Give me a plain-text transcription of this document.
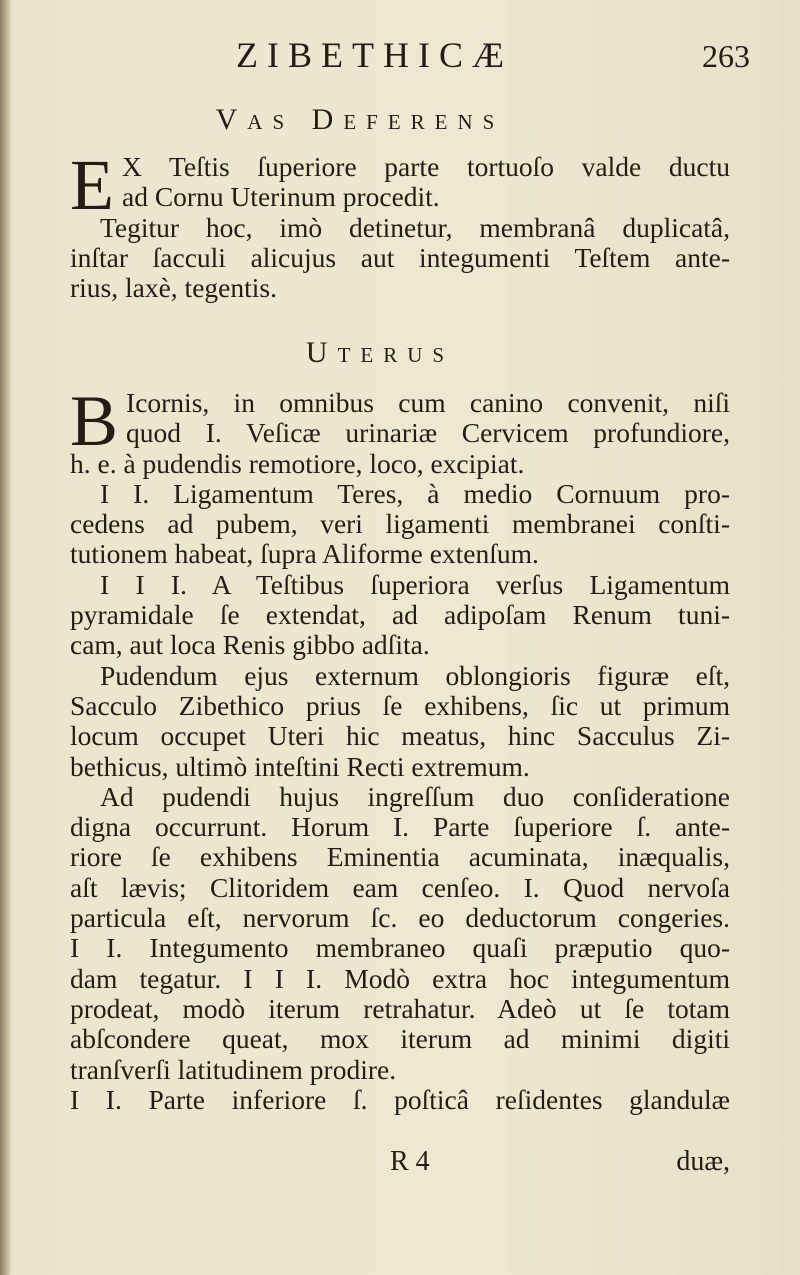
ZIBETHICÆ	263
Vas Deferens
E X Teſtis ſuperiore parte tortuoſo valde ductu
ad Cornu Uterinum procedit.
Tegitur hoc, imò detinetur, membranâ duplicatâ,
inſtar ſacculi alicujus aut integumenti Teſtem ante-
rius, laxè, tegentis.
Uterus
B Icornis, in omnibus cum canino convenit, niſi
quod I. Veſicæ urinariæ Cervicem profundiore,
h. e. à pudendis remotiore, loco, excipiat.
I I. Ligamentum Teres, à medio Cornuum pro-
cedens ad pubem, veri ligamenti membranei conſti-
tutionem habeat, ſupra Aliforme extenſum.
I I I. A Teſtibus ſuperiora verſus Ligamentum
pyramidale ſe extendat, ad adipoſam Renum tuni-
cam, aut loca Renis gibbo adſita.
Pudendum ejus externum oblongioris figuræ eſt,
Sacculo Zibethico prius ſe exhibens, ſic ut primum
locum occupet Uteri hic meatus, hinc Sacculus Zi-
bethicus, ultimò inteſtini Recti extremum.
Ad pudendi hujus ingreſſum duo conſideratione
digna occurrunt. Horum I. Parte ſuperiore ſ. ante-
riore ſe exhibens Eminentia acuminata, inæqualis,
aſt lævis; Clitoridem eam cenſeo. I. Quod nervoſa
particula eſt, nervorum ſc. eo deductorum congeries.
I I. Integumento membraneo quaſi præputio quo-
dam tegatur. I I I. Modò extra hoc integumentum
prodeat, modò iterum retrahatur. Adeò ut ſe totam
abſcondere queat, mox iterum ad minimi digiti
tranſverſi latitudinem prodire.
I I. Parte inferiore ſ. poſticâ reſidentes glandulæ
R 4	duæ,
